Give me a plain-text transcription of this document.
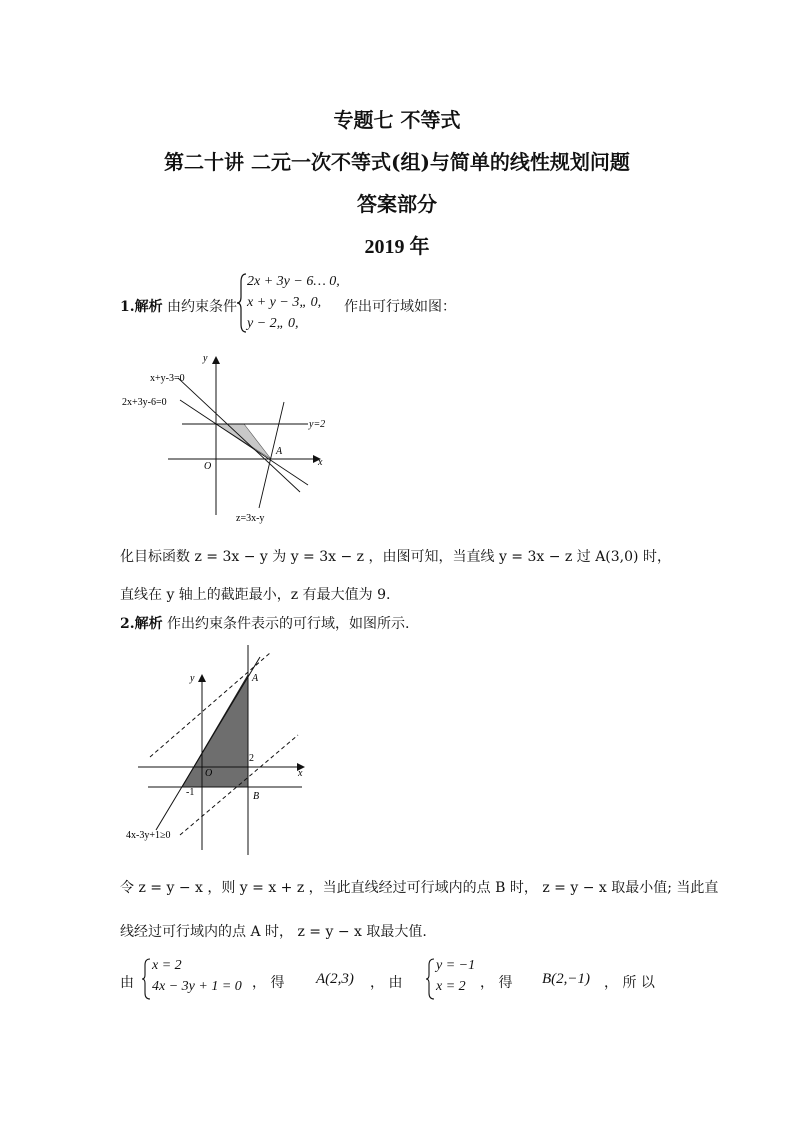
专题七 不等式
第二十讲 二元一次不等式(组)与简单的线性规划问题
答案部分
2019 年
1.解析 由约束条件
2x + 3y − 6… 0,
x + y − 3„ 0,
y − 2„ 0,
作出可行域如图：
x+y-3=0
2x+3y-6=0
y=2
A
O	x
y
z=3x-y
化目标函数 z = 3x − y 为 y = 3x − z ，由图可知，当直线 y = 3x − z 过 A(3,0) 时，
直线在 y 轴上的截距最小，z 有最大值为 9.
2.解析 作出约束条件表示的可行域，如图所示.
y
x
A
B
O
2
-1
4x-3y+1≥0
令 z = y − x ，则 y = x + z ，当此直线经过可行域内的点 B 时， z = y − x 取最小值; 当此直
线经过可行域内的点 A 时， z = y − x 取最大值.
由
x = 2
4x − 3y + 1 = 0 ， 得 A(2,3) ， 由
y = −1
x = 2 ， 得 B(2,−1) ， 所 以
